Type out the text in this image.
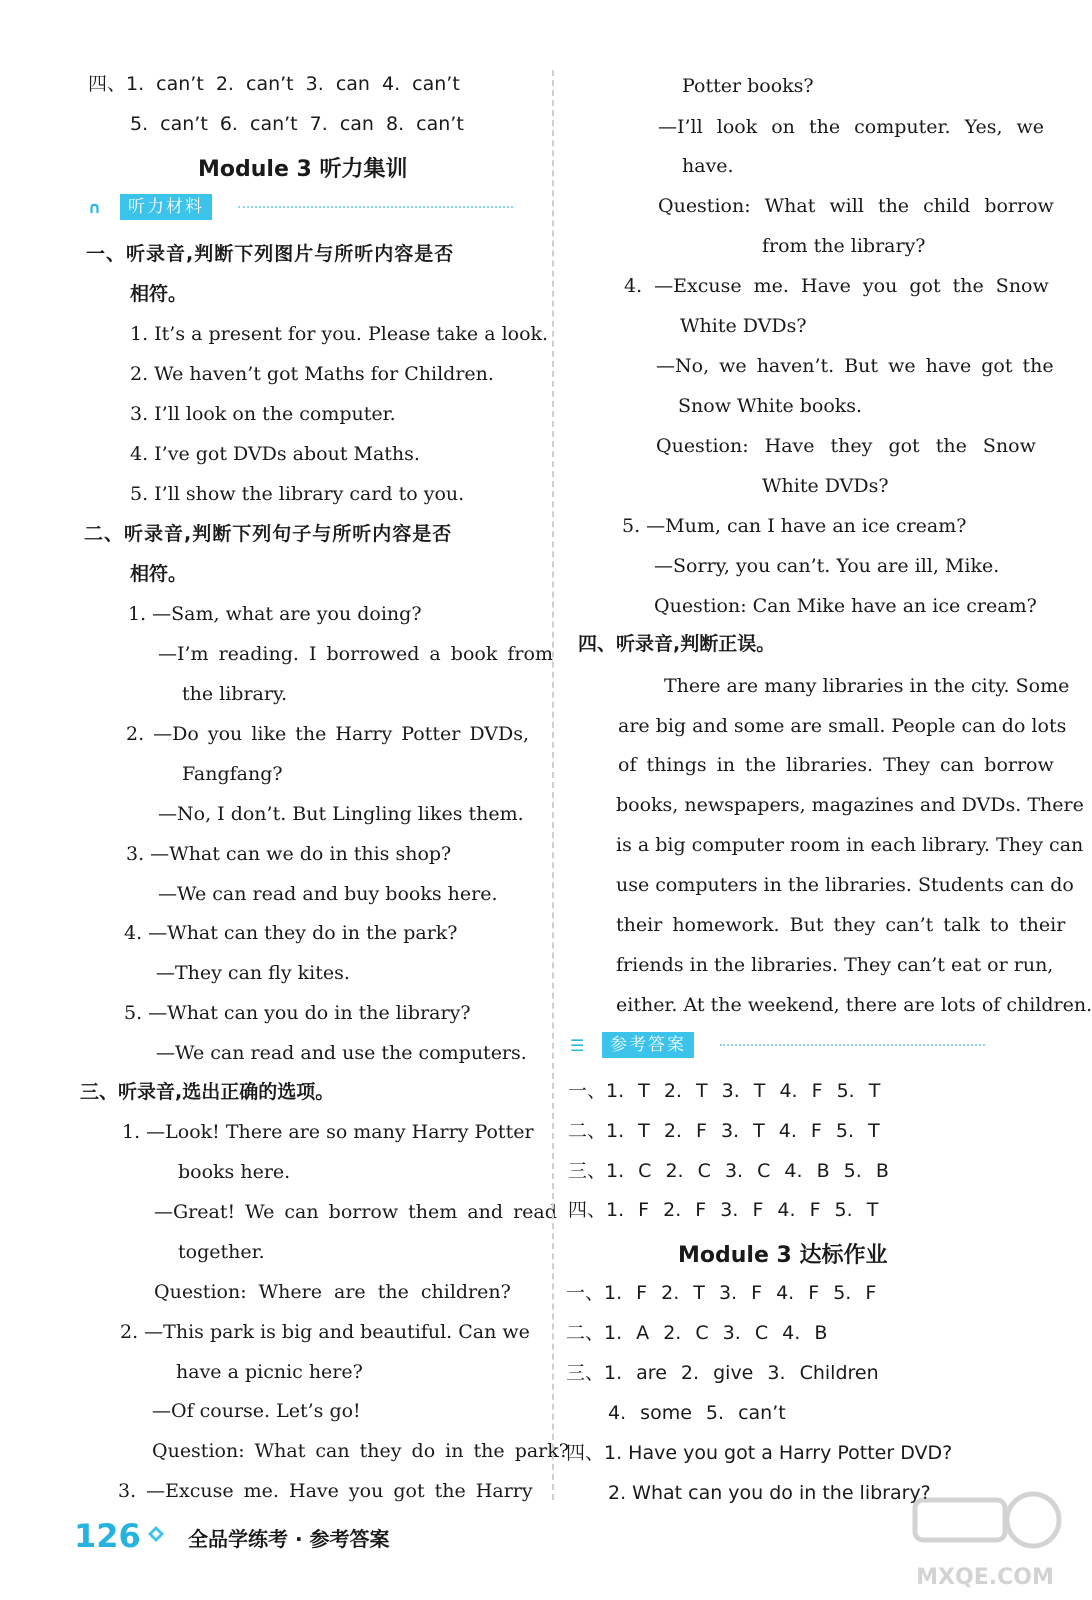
四、1. can’t 2. can’t 3. can 4. can’t
5. can’t 6. can’t 7. can 8. can’t
Module 3 听力集训
∩	听力材料
一、听录音,判断下列图片与所听内容是否
相符。
1. It’s a present for you. Please take a look.
2. We haven’t got Maths for Children.
3. I’ll look on the computer.
4. I’ve got DVDs about Maths.
5. I’ll show the library card to you.
二、听录音,判断下列句子与所听内容是否
相符。
1. —Sam, what are you doing?
—I’m reading. I borrowed a book from
the library.
2. —Do you like the Harry Potter DVDs,
Fangfang?
—No, I don’t. But Lingling likes them.
3. —What can we do in this shop?
—We can read and buy books here.
4. —What can they do in the park?
—They can fly kites.
5. —What can you do in the library?
—We can read and use the computers.
三、听录音,选出正确的选项。
1. —Look! There are so many Harry Potter
books here.
—Great! We can borrow them and read
together.
Question: Where are the children?
2. —This park is big and beautiful. Can we
have a picnic here?
—Of course. Let’s go!
Question: What can they do in the park?
3. —Excuse me. Have you got the Harry
Potter books?
—I’ll look on the computer. Yes, we
have.
Question: What will the child borrow
from the library?
4. —Excuse me. Have you got the Snow
White DVDs?
—No, we haven’t. But we have got the
Snow White books.
Question: Have they got the Snow
White DVDs?
5. —Mum, can I have an ice cream?
—Sorry, you can’t. You are ill, Mike.
Question: Can Mike have an ice cream?
四、听录音,判断正误。
There are many libraries in the city. Some
are big and some are small. People can do lots
of things in the libraries. They can borrow
books, newspapers, magazines and DVDs. There
is a big computer room in each library. They can
use computers in the libraries. Students can do
their homework. But they can’t talk to their
friends in the libraries. They can’t eat or run,
either. At the weekend, there are lots of children.
☰	参考答案
一、1. T 2. T 3. T 4. F 5. T
二、1. T 2. F 3. T 4. F 5. T
三、1. C 2. C 3. C 4. B 5. B
四、1. F 2. F 3. F 4. F 5. T
Module 3 达标作业
一、1. F 2. T 3. F 4. F 5. F
二、1. A 2. C 3. C 4. B
三、1. are 2. give 3. Children
4. some 5. can’t
四、1. Have you got a Harry Potter DVD?
2. What can you do in the library?
126 全品学练考 · 参考答案
MXQE.COM
